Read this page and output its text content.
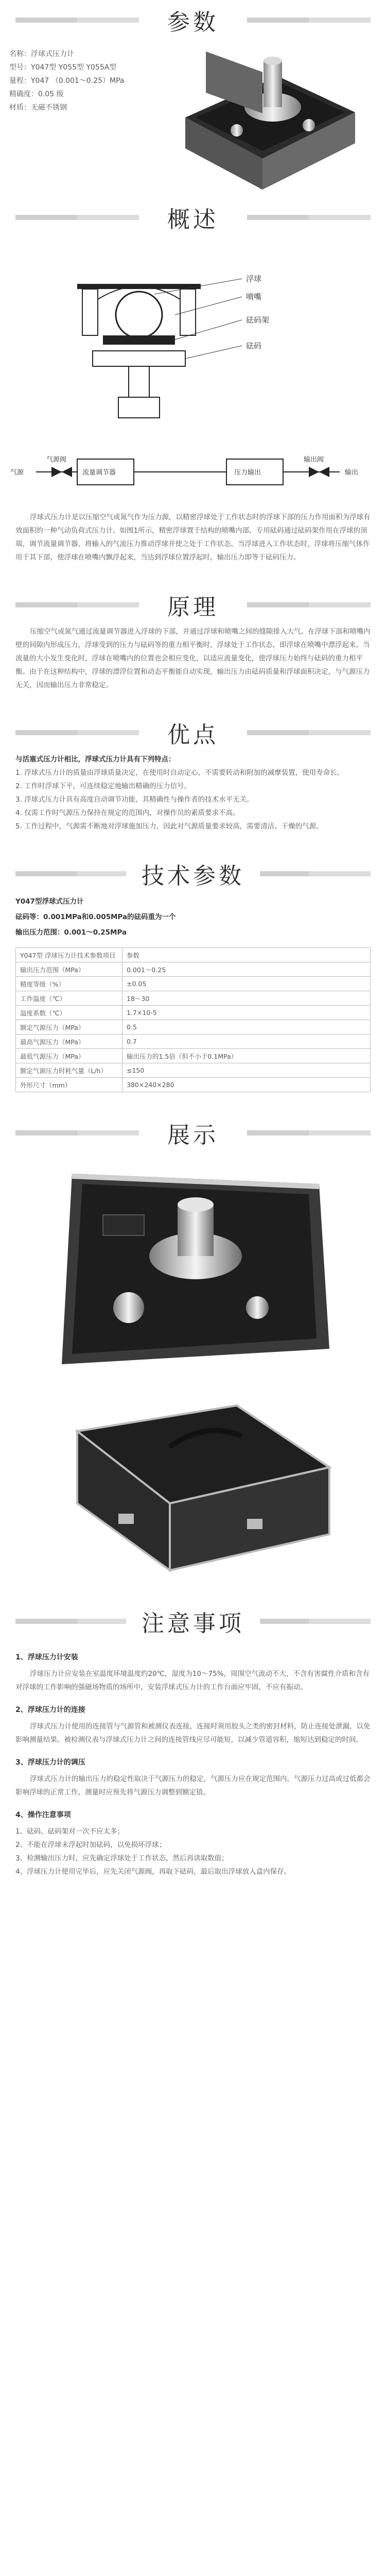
参数
名称：浮球式压力计
型号：Y047型 Y055型 Y055A型
量程：Y047 （0.001～0.25）MPa
精确度：0.05 级
材质：无磁不锈钢
概述
浮球
喷嘴
砝码架
砝码
气源
气源阀
流量调节器	压力输出
输出阀
输出
浮球式压力计是以压缩空气或氮气作为压力源，以精密浮球处于工作状态时的浮球下部的压力作用面积为浮球有效面积的一种气动负荷式压力计。如图1所示，精密浮球置于结构的喷嘴内部，专用砝码通过砝码架作用在浮球的顶端，调节流量调节器，将输入的气流压力推动浮球并使之处于工作状态，当浮球进入工作状态时，浮球将压缩气体作用于其下部，使浮球在喷嘴内飘浮起来，当达到浮球位置浮起时，输出压力即等于砝码压力。
原理
压缩空气或氮气通过流量调节器进入浮球的下部，并通过浮球和喷嘴之间的缝隙排入大气。在浮球下部和喷嘴内壁的间隙内形成压力，浮球受到的压力与砝码等的重力相平衡时，浮球处于工作状态，即浮球在喷嘴中漂浮起来。当流量的大小发生变化时，浮球在喷嘴内的位置也会相应变化，以适应流量变化，使浮球压力始终与砝码的重力相平衡。由于在这种结构中，浮球的漂浮位置和动态平衡能自动实现，输出压力由砝码质量和浮球面积决定，与气源压力无关，因而输出压力非常稳定。
优点
与活塞式压力计相比，浮球式压力计具有下列特点：
1. 浮球式压力计的质量由浮球质量决定，在使用时自动定心，不需要转动和附加的减摩装置，使用寿命长。
2. 工作时浮球下平，可连续稳定地输出精确的压力信号。
3. 浮球式压力计具有高度自动调节功能，其精确性与操作者的技术水平无关。
4. 仅需工作时气源压力保持在规定的范围内，对操作员的素质要求不高。
5. 工作过程中，气源需不断地对浮球施加压力，因此对气源质量要求较高，需要清洁、干燥的气源。
技术参数
Y047型浮球式压力计
砝码等：0.001MPa和0.005MPa的砝码重为一个
输出压力范围：0.001～0.25MPa
Y047型 浮球压力计技术参数项目	参数
输出压力范围（MPa）	0.001～0.25
精度等级（%）	±0.05
工作温度（℃）	18～30
温度系数（℃）	1.7×10-5
额定气源压力（MPa）	0.5
最高气源压力（MPa）	0.7
最低气源压力（MPa）	输出压力的1.5倍（但不小于0.1MPa）
额定气源压力时耗气量（L/h）	≤150
外形尺寸（mm）	380×240×280
展示
注意事项
1、浮球压力计安装

浮球压力计应安装在室温度环境温度约20℃，湿度为10～75%，周围空气流动不大，不含有害腐性介质和含有对浮球的工作影响的强磁场物质的场所中，安装浮球式压力计的工作台面应牢固，不应有振动。

2、浮球压力计的连接

浮球式压力计使用的连接管与气源管和被测仪表连接，连接时须用胶头之类的密封材料，防止连接处泄漏，以免影响测量结果。被检测仪表与浮球式压力计之间的连接管线应尽可能短，以减少管道容积，缩短达到稳定的时间。

3、浮球压力计的调压

浮球式压力计的输出压力的稳定性取决于气源压力的稳定，气源压力应在规定范围内，气源压力过高或过低都会影响浮球的正常工作，测量时应预先将气源压力调整到额定值。

4、操作注意事项
1、砝码、砝码架对一次不应太多；
2、不能在浮球未浮起时加砝码，以免损坏浮球；
3、检测输出压力时，应先确定浮球处于工作状态，然后再读取数值；
4、浮球压力计使用完毕后，应先关闭气源阀，再取下砝码，最后取出浮球放入盒内保存。
